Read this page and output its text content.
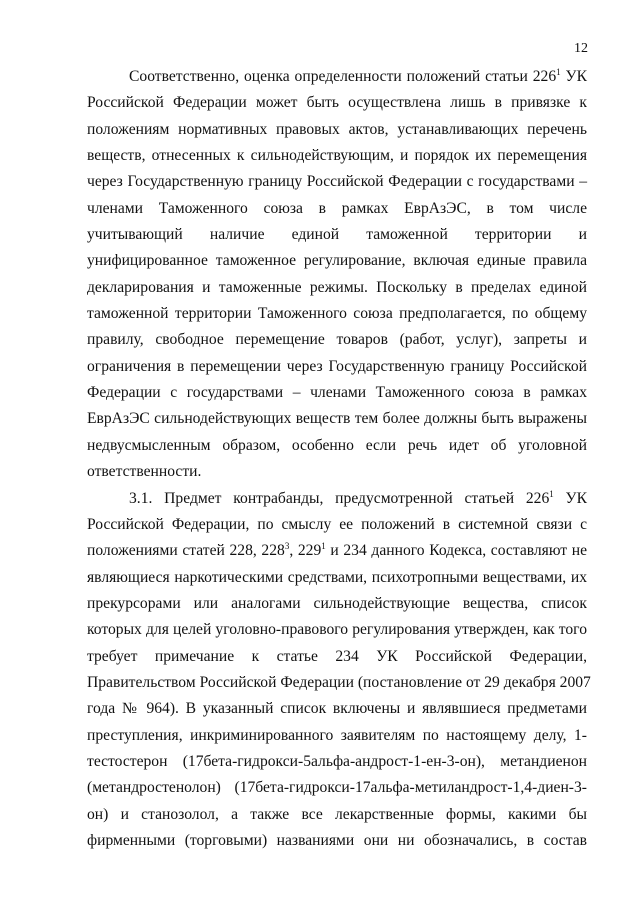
12
Соответственно, оценка определенности положений статьи $226^1$ УК
Российской Федерации может быть осуществлена лишь в привязке к
положениям нормативных правовых актов, устанавливающих перечень
веществ, отнесенных к сильнодействующим, и порядок их перемещения
через Государственную границу Российской Федерации с государствами –
членами Таможенного союза в рамках ЕврАзЭС, в том числе
учитывающий наличие единой таможенной территории и
унифицированное таможенное регулирование, включая единые правила
декларирования и таможенные режимы. Поскольку в пределах единой
таможенной территории Таможенного союза предполагается, по общему
правилу, свободное перемещение товаров (работ, услуг), запреты и
ограничения в перемещении через Государственную границу Российской
Федерации с государствами – членами Таможенного союза в рамках
ЕврАзЭС сильнодействующих веществ тем более должны быть выражены
недвусмысленным образом, особенно если речь идет об уголовной
ответственности.
3.1. Предмет контрабанды, предусмотренной статьей $226^1$ УК
Российской Федерации, по смыслу ее положений в системной связи с
положениями статей 228, $228^3$, $229^1$ и 234 данного Кодекса, составляют не
являющиеся наркотическими средствами, психотропными веществами, их
прекурсорами или аналогами сильнодействующие вещества, список
которых для целей уголовно-правового регулирования утвержден, как того
требует примечание к статье 234 УК Российской Федерации,
Правительством Российской Федерации (постановление от 29 декабря 2007
года № 964). В указанный список включены и являвшиеся предметами
преступления, инкриминированного заявителям по настоящему делу, 1-
тестостерон (17бета-гидрокси-5альфа-андрост-1-ен-3-он), метандиенон
(метандростенолон) (17бета-гидрокси-17альфа-метиландрост-1,4-диен-3-
он) и станозолол, а также все лекарственные формы, какими бы
фирменными (торговыми) названиями они ни обозначались, в состав
